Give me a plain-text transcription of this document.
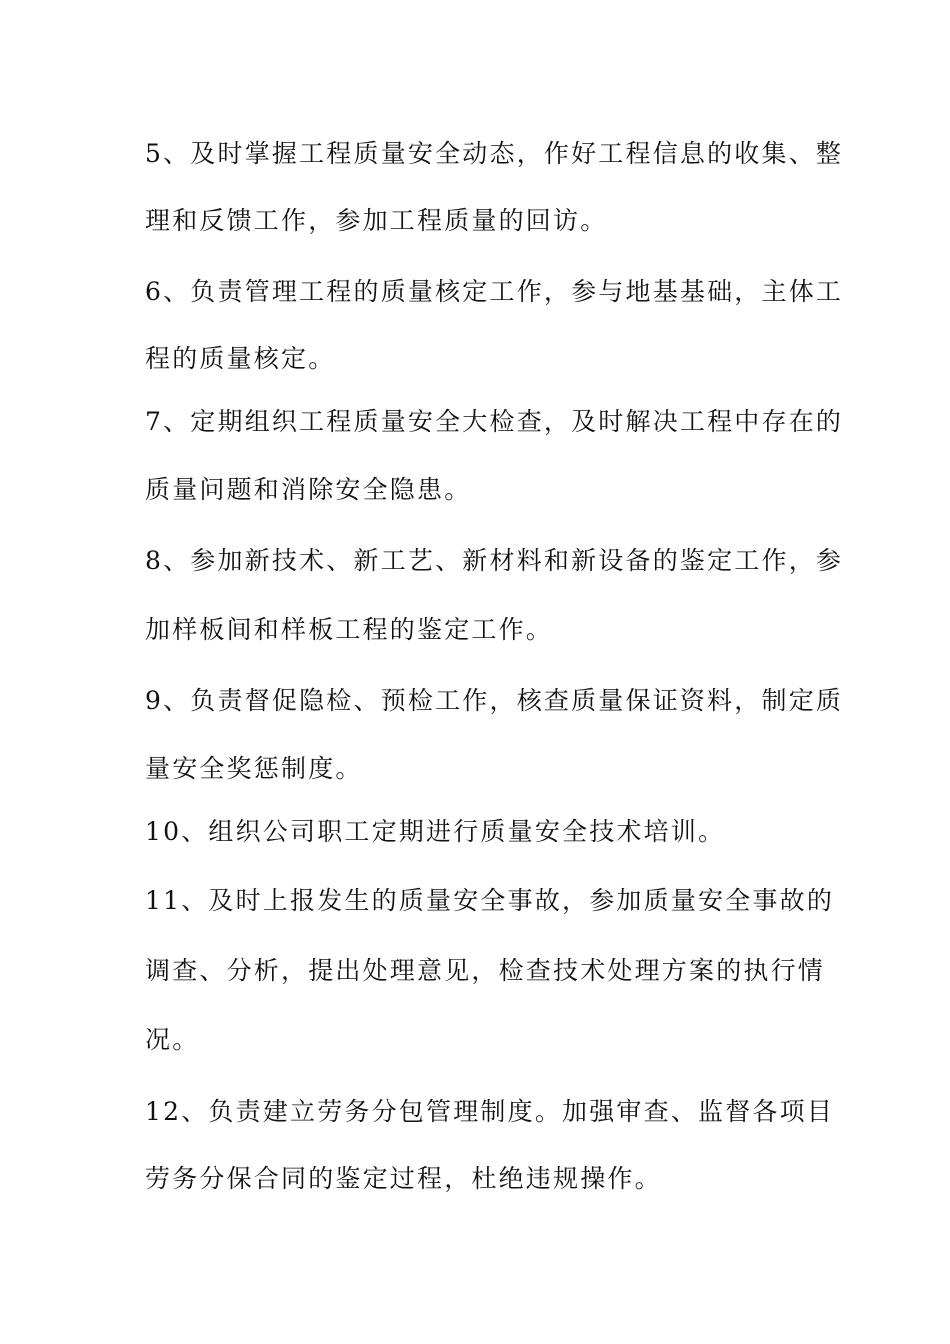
5、及时掌握工程质量安全动态，作好工程信息的收集、整
理和反馈工作，参加工程质量的回访。
6、负责管理工程的质量核定工作，参与地基基础，主体工
程的质量核定。
7、定期组织工程质量安全大检查，及时解决工程中存在的
质量问题和消除安全隐患。
8、参加新技术、新工艺、新材料和新设备的鉴定工作，参
加样板间和样板工程的鉴定工作。
9、负责督促隐检、预检工作，核查质量保证资料，制定质
量安全奖惩制度。
10、组织公司职工定期进行质量安全技术培训。
11、及时上报发生的质量安全事故，参加质量安全事故的
调查、分析，提出处理意见，检查技术处理方案的执行情
况。
12、负责建立劳务分包管理制度。加强审查、监督各项目
劳务分保合同的鉴定过程，杜绝违规操作。
